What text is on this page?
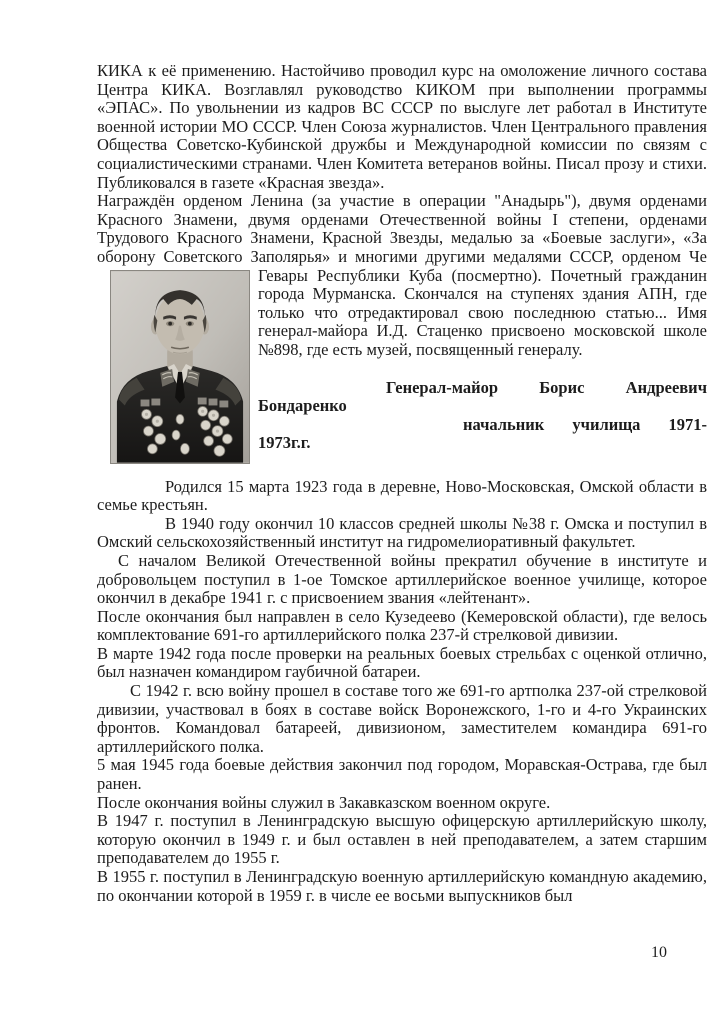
КИКА к её применению. Настойчиво проводил курс на омоложение личного состава Центра КИКА. Возглавлял руководство КИКОМ при выполнении программы «ЭПАС». По увольнении из кадров ВС СССР по выслуге лет работал в Институте военной истории МО СССР. Член Союза журналистов. Член Центрального правления Общества Советско-Кубинской дружбы и Международной комиссии по связям с социалистическими странами. Член Комитета ветеранов войны. Писал прозу и стихи. Публиковался в газете «Красная звезда».

Награждён орденом Ленина (за участие в операции "Анадырь"), двумя орденами Красного Знамени, двумя орденами Отечественной войны I степени, орденами Трудового Красного Знамени, Красной Звезды, медалью за «Боевые заслуги», «За оборону Советского Заполярья» и многими другими медалями СССР, орденом Че

Гевары Республики Куба (посмертно). Почетный гражданин города Мурманска. Скончался на ступенях здания АПН, где только что отредактировал свою последнюю статью... Имя генерал-майора И.Д. Стаценко присвоено московской школе №898, где есть музей, посвященный генералу.

Генерал-майор Борис Андреевич Бондаренко

начальник училища 1971-1973г.г.

Родился 15 марта 1923 года в деревне, Ново-Московская, Омской области в семье крестьян.

В 1940 году окончил 10 классов средней школы №38 г. Омска и поступил в Омский сельскохозяйственный институт на гидромелиоративный факультет.

С началом Великой Отечественной войны прекратил обучение в институте и добровольцем поступил в 1-ое Томское артиллерийское военное училище, которое окончил в декабре 1941 г. с присвоением звания «лейтенант».

После окончания был направлен в село Кузедеево (Кемеровской области), где велось комплектование 691-го артиллерийского полка 237-й стрелковой дивизии.

В марте 1942 года после проверки на реальных боевых стрельбах с оценкой отлично, был назначен командиром гаубичной батареи.

С 1942 г. всю войну прошел в составе того же 691-го артполка 237-ой стрелковой дивизии, участвовал в боях в составе войск Воронежского, 1-го и 4-го Украинских фронтов. Командовал батареей, дивизионом, заместителем командира 691-го артиллерийского полка.

5 мая 1945 года боевые действия закончил под городом, Моравская-Острава, где был ранен.

После окончания войны служил в Закавказском военном округе.

В 1947 г. поступил в Ленинградскую высшую офицерскую артиллерийскую школу, которую окончил в 1949 г. и был оставлен в ней преподавателем, а затем старшим преподавателем до 1955 г.

В 1955 г. поступил в Ленинградскую военную артиллерийскую командную академию, по окончании которой в 1959 г. в числе ее восьми выпускников был

10
